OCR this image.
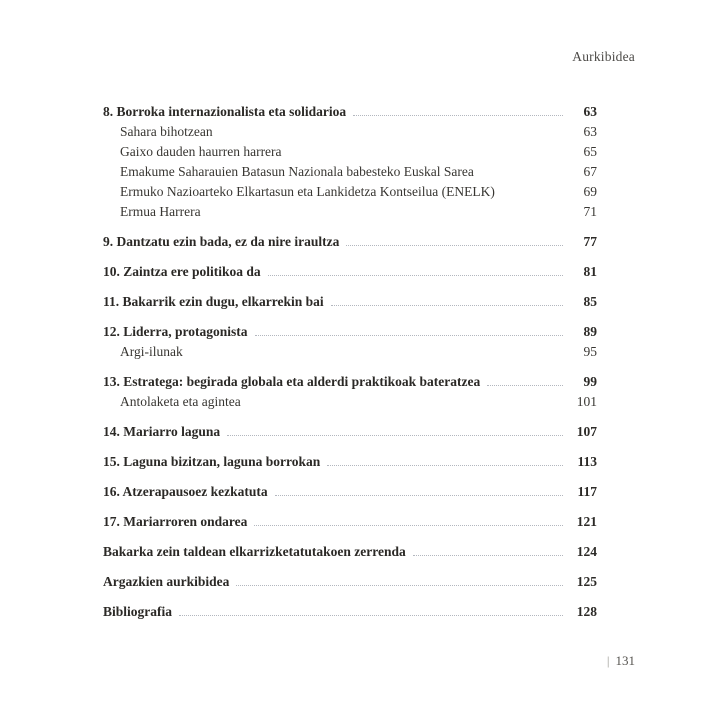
Aurkibidea
8. Borroka internazionalista eta solidarioa	63
Sahara bihotzean	63
Gaixo dauden haurren harrera	65
Emakume Saharauien Batasun Nazionala babesteko Euskal Sarea	67
Ermuko Nazioarteko Elkartasun eta Lankidetza Kontseilua (ENELK)	69
Ermua Harrera	71
9. Dantzatu ezin bada, ez da nire iraultza	77
10. Zaintza ere politikoa da	81
11. Bakarrik ezin dugu, elkarrekin bai	85
12. Liderra, protagonista	89
Argi-ilunak	95
13. Estratega: begirada globala eta alderdi praktikoak bateratzea	99
Antolaketa eta agintea	101
14. Mariarro laguna	107
15. Laguna bizitzan, laguna borrokan	113
16. Atzerapausoez kezkatuta	117
17. Mariarroren ondarea	121
Bakarka zein taldean elkarrizketatutakoen zerrenda	124
Argazkien aurkibidea	125
Bibliografia	128
| 131
